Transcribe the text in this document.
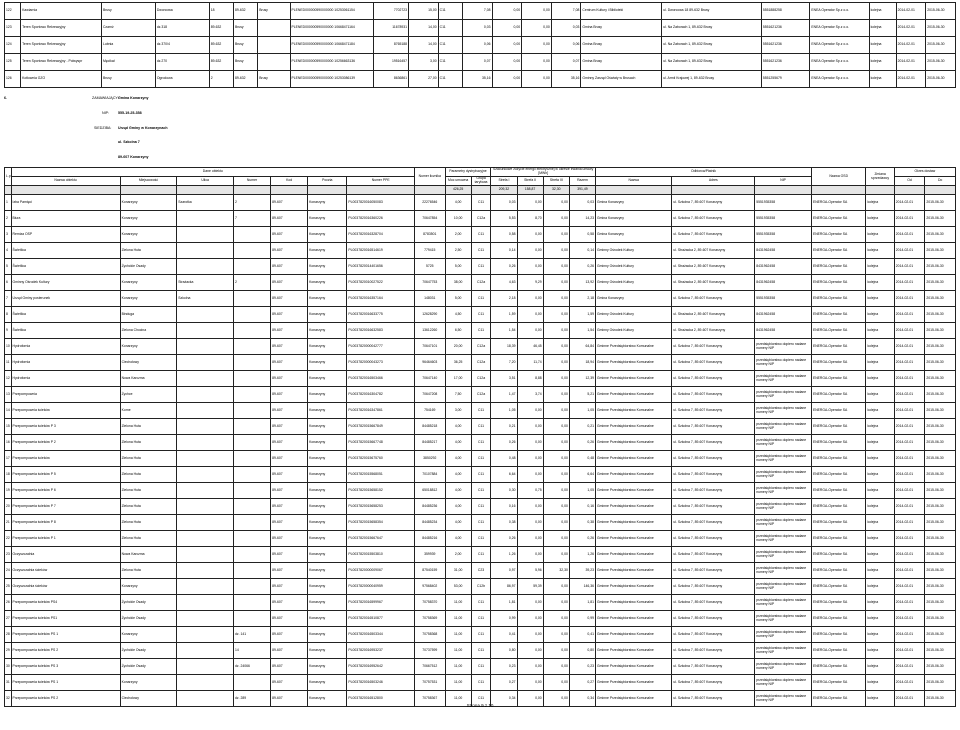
122	Kawiarnia	Brusy	Dworcowa	18	89-632	Brusy	PLENED000000590000000 10253061154	7702723	15,00	C11	7,08	0,00	0,00	7,08	Centrum Kultury i Biblioteki	ul. Dworcowa 18 89-632 Brusy	5551888258	ENEA Operator Sp.z o.o.	kolejna	2014-02-01	2015-06-30
123	Teren Sportowo Rekreacyjny	Czarnż	dz.318	89-632	Brusy		PLENED000000590000000 10668471164	11678931	14,00	C11	0,03	0,00	0,00	0,03	Gmina Brusy	ul. Na Zaborach 1, 89-632 Brusy	5551621236	ENEA Operator Sp.z o.o.	kolejna	2014-02-01	2015-06-30
124	Teren Sportowo Rekreacyjny	Lubnia	dz.370/4	89-632	Brusy		PLENED000000590000000 10668471184	8765188	14,00	C11	0,06	0,00	0,00	0,06	Gmina Brusy	ul. Na Zaborach 1, 89-632 Brusy	5551621236	ENEA Operator Sp.z o.o.	kolejna	2014-02-01	2015-06-30
125	Teren Sportowo Rekreacyjny - Polwyspr	Męcikał	dz.270	89-632	Brusy		PLENED000000590000000 10256663136	19516457	3,00	C11	0,07	0,00	0,00	0,07	Gmina Brusy	ul. Na Zaborach 1, 89-632 Brusy	5551621236	ENEA Operator Sp.z o.o.	kolejna	2014-02-01	2015-06-30
126	Kotłownia GZO	Brusy	Ogrodowa	2	89-632	Brusy	PLENED000000590000000 10253086139	8636861	27,00	C11	35,16	0,00	0,00	35,16	Gminny Zarząd Oświaty w Brusach	ul. Armii Krajowej 1, 89-632 Brusy	5551255679	ENEA Operator Sp.z o.o.	kolejna	2014-02-01	2015-06-30
6.	ZAMAWIAJĄCY: Gmina Konarzyny
NIP:	555-19-25-358
SIEDZIBA: Urząd Gminy w Konarzynach
ul. Szkolna 7
89-607 Konarzyny
L.p.	Dane obiektu							Numer licznika	Parametry dystrybucyjne		Szacunkowe zużycie energii elektrycznej w okresie trwania umowy [MWh]				Odbiorca/Płatnik			Nazwa OSD	Zmiana sprzedawcy	Okres dostaw	
	Nazwa obiektu	Miejscowość	Ulica	Numer	Kod	Poczta	Numer PPE		Moc umowna	Grupa taryfowa	Strefa I	Strefa II	Strefa III	Razem	Nazwa	Adres	NIP			Od	Do

									426,25		209,32	158,87	32,30	391,49							
1	Izba Pamięci	Konarzyny	Szarotka	2	89-607	Konarzyny	PL0037820016050083	22276546	4,00	C11	0,03	0,00	0,00	0,03	Gmina Konarzyny	ul. Szkolna 7, 89-607 Konarzyny	5551935358	ENERGA-Operator SA	kolejna	2014-02-01	2015-06-30
2	Biura	Konarzyny		7	89-607	Konarzyny	PL0037820016360226	70647854	10,00	C12a	5,53	8,70	0,00	14,23	Gmina Konarzyny	ul. Szkolna 7, 89-607 Konarzyny	5551935358	ENERGA-Operator SA	kolejna	2014-02-01	2015-06-30
3	Remiza OSP	Konarzyny			89-607	Konarzyny	PL0037820016328704	8783501	2,00	C11	0,58	0,00	0,00	0,58	Gmina Konarzyny	ul. Szkolna 7, 89-607 Konarzyny	5551935358	ENERGA-Operator SA	kolejna	2014-02-01	2015-06-30
4	Świetlica	Zielona Huta			89-607	Konarzyny	PL0037820016514619	779415	2,50	C11	0,14	0,00	0,00	0,14	Gminny Ośrodek Kultury	ul. Strażacka 2, 89-607 Konarzyny	8431962458	ENERGA-Operator SA	kolejna	2014-02-01	2015-06-30
5	Świetlica	Żychckie Osady			89-607	Konarzyny	PL0037820014401656	5725	5,00	C11	0,26	0,00	0,00	0,26	Gminny Ośrodek Kultury	ul. Strażacka 2, 89-607 Konarzyny	8431962458	ENERGA-Operator SA	kolejna	2014-02-01	2015-06-30
6	Gminny Ośrodek Kultury	Konarzyny	Strażacka	2	89-607	Konarzyny	PL0037820010027522	70647753	38,00	C12a	4,63	9,29	0,00	13,92	Gminny Ośrodek Kultury	ul. Strażacka 2, 89-607 Konarzyny	8431962458	ENERGA-Operator SA	kolejna	2014-02-01	2015-06-30
7	Urząd Gminy posterunek	Konarzyny	Szkolna		89-607	Konarzyny	PL0037820016357164	148031	5,00	C11	2,18	0,00	0,00	2,18	Gmina Konarzyny	ul. Szkolna 7, 89-607 Konarzyny	5551935358	ENERGA-Operator SA	kolejna	2014-02-01	2015-06-30
8	Świetlica	Binduga			89-607	Konarzyny	PL0037820016633775	12628290	4,50	C11	1,59	0,00	0,00	1,59	Gminny Ośrodek Kultury	ul. Strażacka 2, 89-607 Konarzyny	8431962458	ENERGA-Operator SA	kolejna	2014-02-01	2015-06-30
9	Świetlica	Zielona Chocina			89-607	Konarzyny	PL0037820016632583	13612260	6,50	C11	1,54	0,00	0,00	1,54	Gminny Ośrodek Kultury	ul. Strażacka 2, 89-607 Konarzyny	8431962458	ENERGA-Operator SA	kolejna	2014-02-01	2015-06-30
10	Hydrofornia	Konarzyny			89-607	Konarzyny	PL0037820000042777	70647101	20,00	C12a	18,39	46,45	0,00	64,84	Gminne Przedsiębiorstwo Komunalne	ul. Szkolna 7, 89-607 Konarzyny	przedsiębiorstwo dopiero nadane numery NIP	ENERGA-Operator SA	kolejna	2014-02-01	2015-06-30
11	Hydrofornia	Ciechołowy			89-607	Konarzyny	PL0037820000043273	96464603	36,25	C12a	7,20	11,74	0,00	18,94	Gminne Przedsiębiorstwo Komunalne	ul. Szkolna 7, 89-607 Konarzyny	przedsiębiorstwo dopiero nadane numery NIP	ENERGA-Operator SA	kolejna	2014-02-01	2015-06-30
12	Hydrofornia	Nowa Karczma			89-607	Konarzyny	PL0037820016503466	70647140	17,00	C12a	3,51	8,88	0,00	12,39	Gminne Przedsiębiorstwo Komunalne	ul. Szkolna 7, 89-607 Konarzyny	przedsiębiorstwo dopiero nadane numery NIP	ENERGA-Operator SA	kolejna	2014-02-01	2015-06-30
13	Przepompownia	Żychce			89-607	Konarzyny	PL0037820016304782	70647208	7,50	C12a	1,47	3,74	0,00	5,21	Gminne Przedsiębiorstwo Komunalne	ul. Szkolna 7, 89-607 Konarzyny	przedsiębiorstwo dopiero nadane numery NIP	ENERGA-Operator SA	kolejna	2014-02-01	2015-06-30
14	Przepompownia ścieków	Korne			89-607	Konarzyny	PL0037820016347861	754169	3,00	C11	1,05	0,00	0,00	1,05	Gminne Przedsiębiorstwo Komunalne	ul. Szkolna 7, 89-607 Konarzyny	przedsiębiorstwo dopiero nadane numery NIP	ENERGA-Operator SA	kolejna	2014-02-01	2015-06-30
15	Przepompownia ścieków P 3	Zielona Huta			89-607	Konarzyny	PL0037820015667849	84485218	4,00	C11	0,21	0,00	0,00	0,21	Gminne Przedsiębiorstwo Komunalne	ul. Szkolna 7, 89-607 Konarzyny	przedsiębiorstwo dopiero nadane numery NIP	ENERGA-Operator SA	kolejna	2014-02-01	2015-06-30
16	Przepompownia ścieków P 2	Zielona Huta			89-607	Konarzyny	PL0037820015667748	84485217	4,00	C11	0,26	0,00	0,00	0,26	Gminne Przedsiębiorstwo Komunalne	ul. Szkolna 7, 89-607 Konarzyny	przedsiębiorstwo dopiero nadane numery NIP	ENERGA-Operator SA	kolejna	2014-02-01	2015-06-30
17	Przepompownia ścieków	Zielona Huta			89-607	Konarzyny	PL0037820015675760	3850292	4,00	C11	0,48	0,00	0,00	0,48	Gminne Przedsiębiorstwo Komunalne	ul. Szkolna 7, 89-607 Konarzyny	przedsiębiorstwo dopiero nadane numery NIP	ENERGA-Operator SA	kolejna	2014-02-01	2015-06-30
18	Przepompownia ścieków P 5	Zielona Huta			89-607	Konarzyny	PL0037820015568051	70107884	4,00	C11	6,64	0,00	0,00	6,64	Gminne Przedsiębiorstwo Komunalne	ul. Szkolna 7, 89-607 Konarzyny	przedsiębiorstwo dopiero nadane numery NIP	ENERGA-Operator SA	kolejna	2014-02-01	2015-06-30
19	Przepompownia ścieków P 6	Zielona Huta			89-607	Konarzyny	PL0037820015658152	65018812	4,00	C11	0,30	0,75	0,00	1,05	Gminne Przedsiębiorstwo Komunalne	ul. Szkolna 7, 89-607 Konarzyny	przedsiębiorstwo dopiero nadane numery NIP	ENERGA-Operator SA	kolejna	2014-02-01	2015-06-30
20	Przepompownia ścieków P 7	Zielona Huta			89-607	Konarzyny	PL0037820015658253	84485236	4,00	C11	0,16	0,00	0,00	0,16	Gminne Przedsiębiorstwo Komunalne	ul. Szkolna 7, 89-607 Konarzyny	przedsiębiorstwo dopiero nadane numery NIP	ENERGA-Operator SA	kolejna	2014-02-01	2015-06-30
21	Przepompownia ścieków P 8	Zielona Huta			89-607	Konarzyny	PL0037820015658354	84485234	4,00	C11	0,38	0,00	0,00	0,38	Gminne Przedsiębiorstwo Komunalne	ul. Szkolna 7, 89-607 Konarzyny	przedsiębiorstwo dopiero nadane numery NIP	ENERGA-Operator SA	kolejna	2014-02-01	2015-06-30
22	Przepompownia ścieków P 1	Zielona Huta			89-607	Konarzyny	PL0037820015667647	84485216	4,00	C11	0,26	0,00	0,00	0,26	Gminne Przedsiębiorstwo Komunalne	ul. Szkolna 7, 89-607 Konarzyny	przedsiębiorstwo dopiero nadane numery NIP	ENERGA-Operator SA	kolejna	2014-02-01	2015-06-30
23	Oczyszczalnia	Nowa Karczma			89-607	Konarzyny	PL0037820015503810	359939	2,00	C11	1,26	0,00	0,00	1,26	Gminne Przedsiębiorstwo Komunalne	ul. Szkolna 7, 89-607 Konarzyny	przedsiębiorstwo dopiero nadane numery NIP	ENERGA-Operator SA	kolejna	2014-02-01	2015-06-30
24	Oczyszczalnia ścieków	Zielona Huta			89-607	Konarzyny	PL0037820000009067	87540159	31,00	C23	0,97	5,96	32,30	39,23	Gminne Przedsiębiorstwo Komunalne	ul. Szkolna 7, 89-607 Konarzyny	przedsiębiorstwo dopiero nadane numery NIP	ENERGA-Operator SA	kolejna	2014-02-01	2015-06-30
25	Oczyszczalnia ścieków	Konarzyny			89-607	Konarzyny	PL0037820000040959	97568402	53,00	C12b	86,97	59,39	0,00	146,36	Gminne Przedsiębiorstwo Komunalne	ul. Szkolna 7, 89-607 Konarzyny	przedsiębiorstwo dopiero nadane numery NIP	ENERGA-Operator SA	kolejna	2014-02-01	2015-06-30
26	Przepompownia ścieków PS4	Żychckie Osady			89-607	Konarzyny	PL0037820016599967	70758370	11,00	C11	1,81	0,00	0,00	1,81	Gminne Przedsiębiorstwo Komunalne	ul. Szkolna 7, 89-607 Konarzyny	przedsiębiorstwo dopiero nadane numery NIP	ENERGA-Operator SA	kolejna	2014-02-01	2015-06-30
27	Przepompownia ścieków PS1	Żychckie Osady			89-607	Konarzyny	PL0037820016510877	70758369	11,00	C11	0,99	0,00	0,00	0,99	Gminne Przedsiębiorstwo Komunalne	ul. Szkolna 7, 89-607 Konarzyny	przedsiębiorstwo dopiero nadane numery NIP	ENERGA-Operator SA	kolejna	2014-02-01	2015-06-30
28	Przepompownia ścieków PS 1	Konarzyny		dz. 141	89-607	Konarzyny	PL0037820016503344	70758368	11,00	C11	0,41	0,00	0,00	0,41	Gminne Przedsiębiorstwo Komunalne	ul. Szkolna 7, 89-607 Konarzyny	przedsiębiorstwo dopiero nadane numery NIP	ENERGA-Operator SA	kolejna	2014-02-01	2015-06-30
29	Przepompownia ścieków PS 2	Żychckie Osady		14	89-607	Konarzyny	PL0037820016953237	70737599	11,00	C11	0,80	0,00	0,00	0,80	Gminne Przedsiębiorstwo Komunalne	ul. Szkolna 7, 89-607 Konarzyny	przedsiębiorstwo dopiero nadane numery NIP	ENERGA-Operator SA	kolejna	2014-02-01	2015-06-30
30	Przepompownia ścieków PS 3	Żychckie Osady		dz. 24066	89-607	Konarzyny	PL0037820016952642	70667512	11,00	C11	0,23	0,00	0,00	0,23	Gminne Przedsiębiorstwo Komunalne	ul. Szkolna 7, 89-607 Konarzyny	przedsiębiorstwo dopiero nadane numery NIP	ENERGA-Operator SA	kolejna	2014-02-01	2015-06-30
31	Przepompownia ścieków PS 1	Konarzyny			89-607	Konarzyny	PL0037820016503246	70757531	11,00	C11	0,27	0,00	0,00	0,27	Gminne Przedsiębiorstwo Komunalne	ul. Szkolna 7, 89-607 Konarzyny	przedsiębiorstwo dopiero nadane numery NIP	ENERGA-Operator SA	kolejna	2014-02-01	2015-06-30
32	Przepompownia ścieków PS 2	Ciechołowy		dz. 289	89-607	Konarzyny	PL0037820016512800	70758367	11,00	C11	0,34	0,00	0,00	0,34	Gminne Przedsiębiorstwo Komunalne	ul. Szkolna 7, 89-607 Konarzyny	przedsiębiorstwo dopiero nadane numery NIP	ENERGA-Operator SA	kolejna	2014-02-01	2015-06-30
Strona 9 z 10
